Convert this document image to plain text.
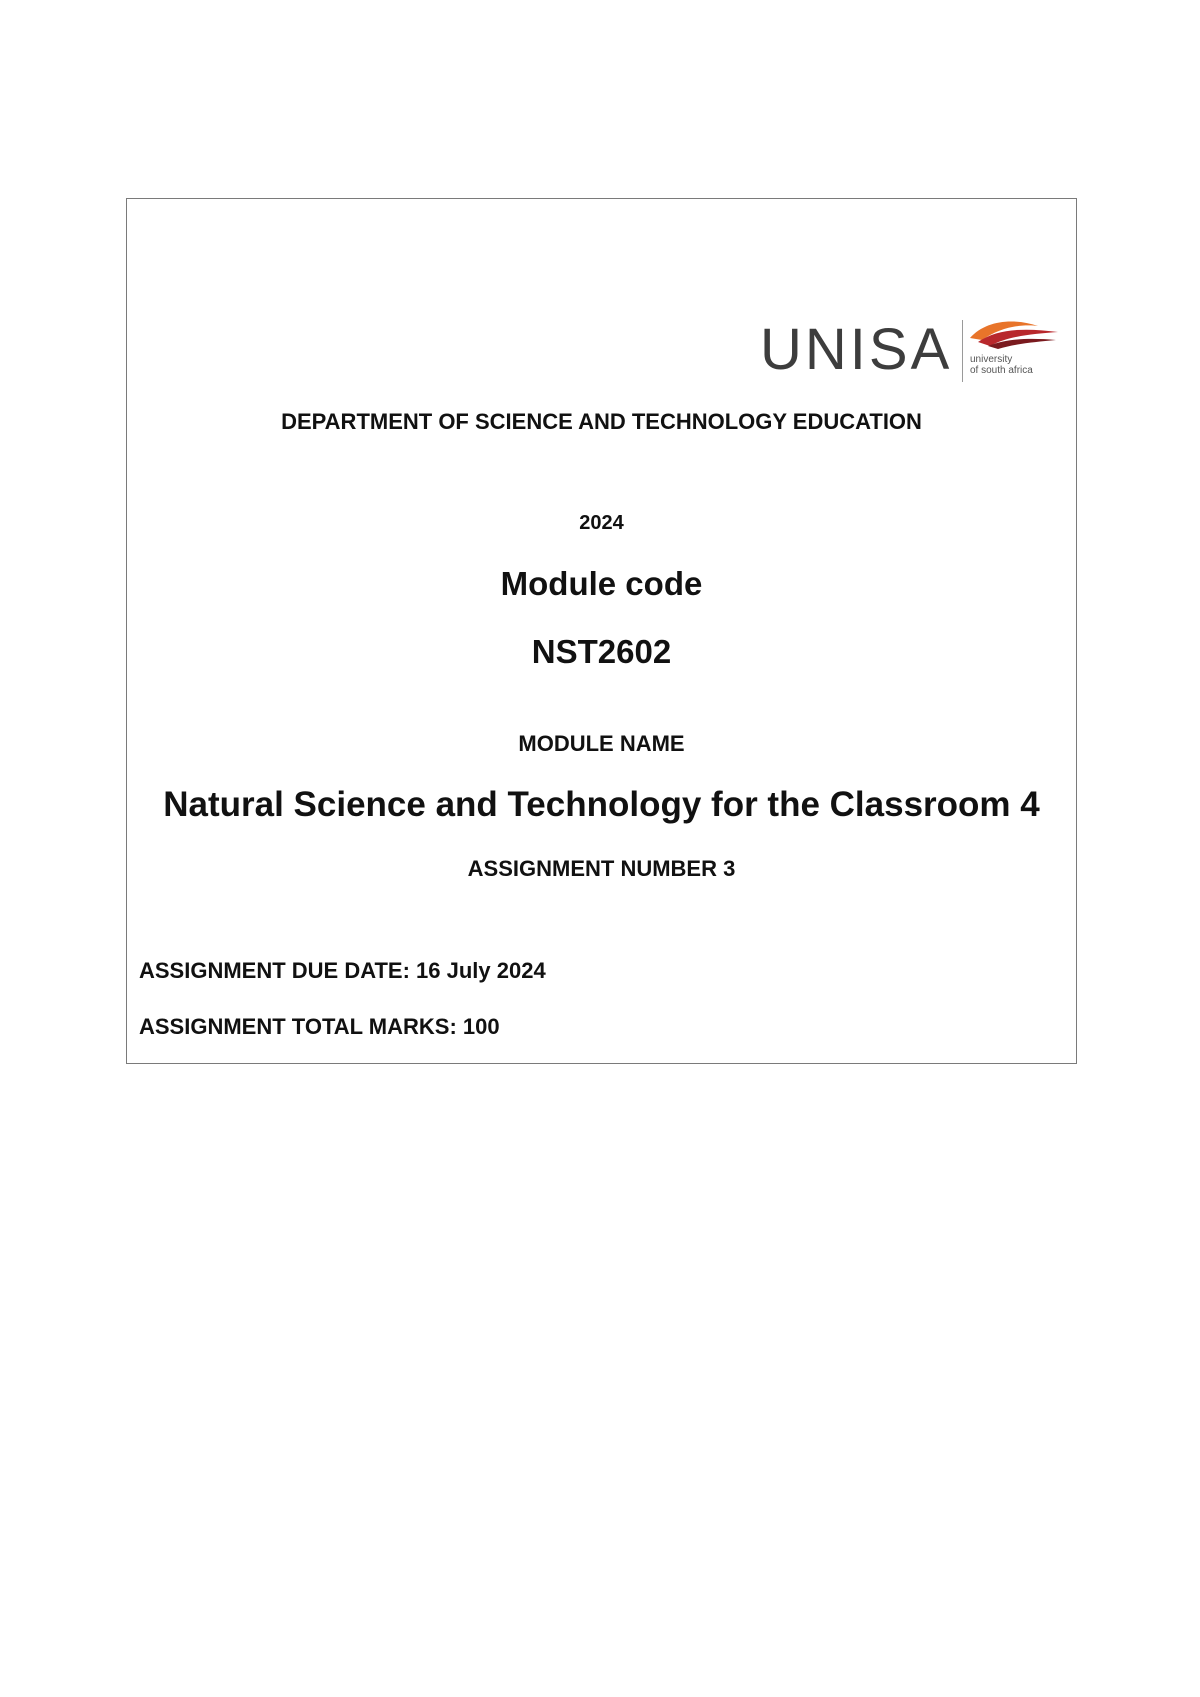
UNISA university
of south africa
DEPARTMENT OF SCIENCE AND TECHNOLOGY EDUCATION
2024
Module code
NST2602
MODULE NAME
Natural Science and Technology for the Classroom 4
ASSIGNMENT NUMBER 3
ASSIGNMENT DUE DATE: 16 July 2024
ASSIGNMENT TOTAL MARKS: 100
